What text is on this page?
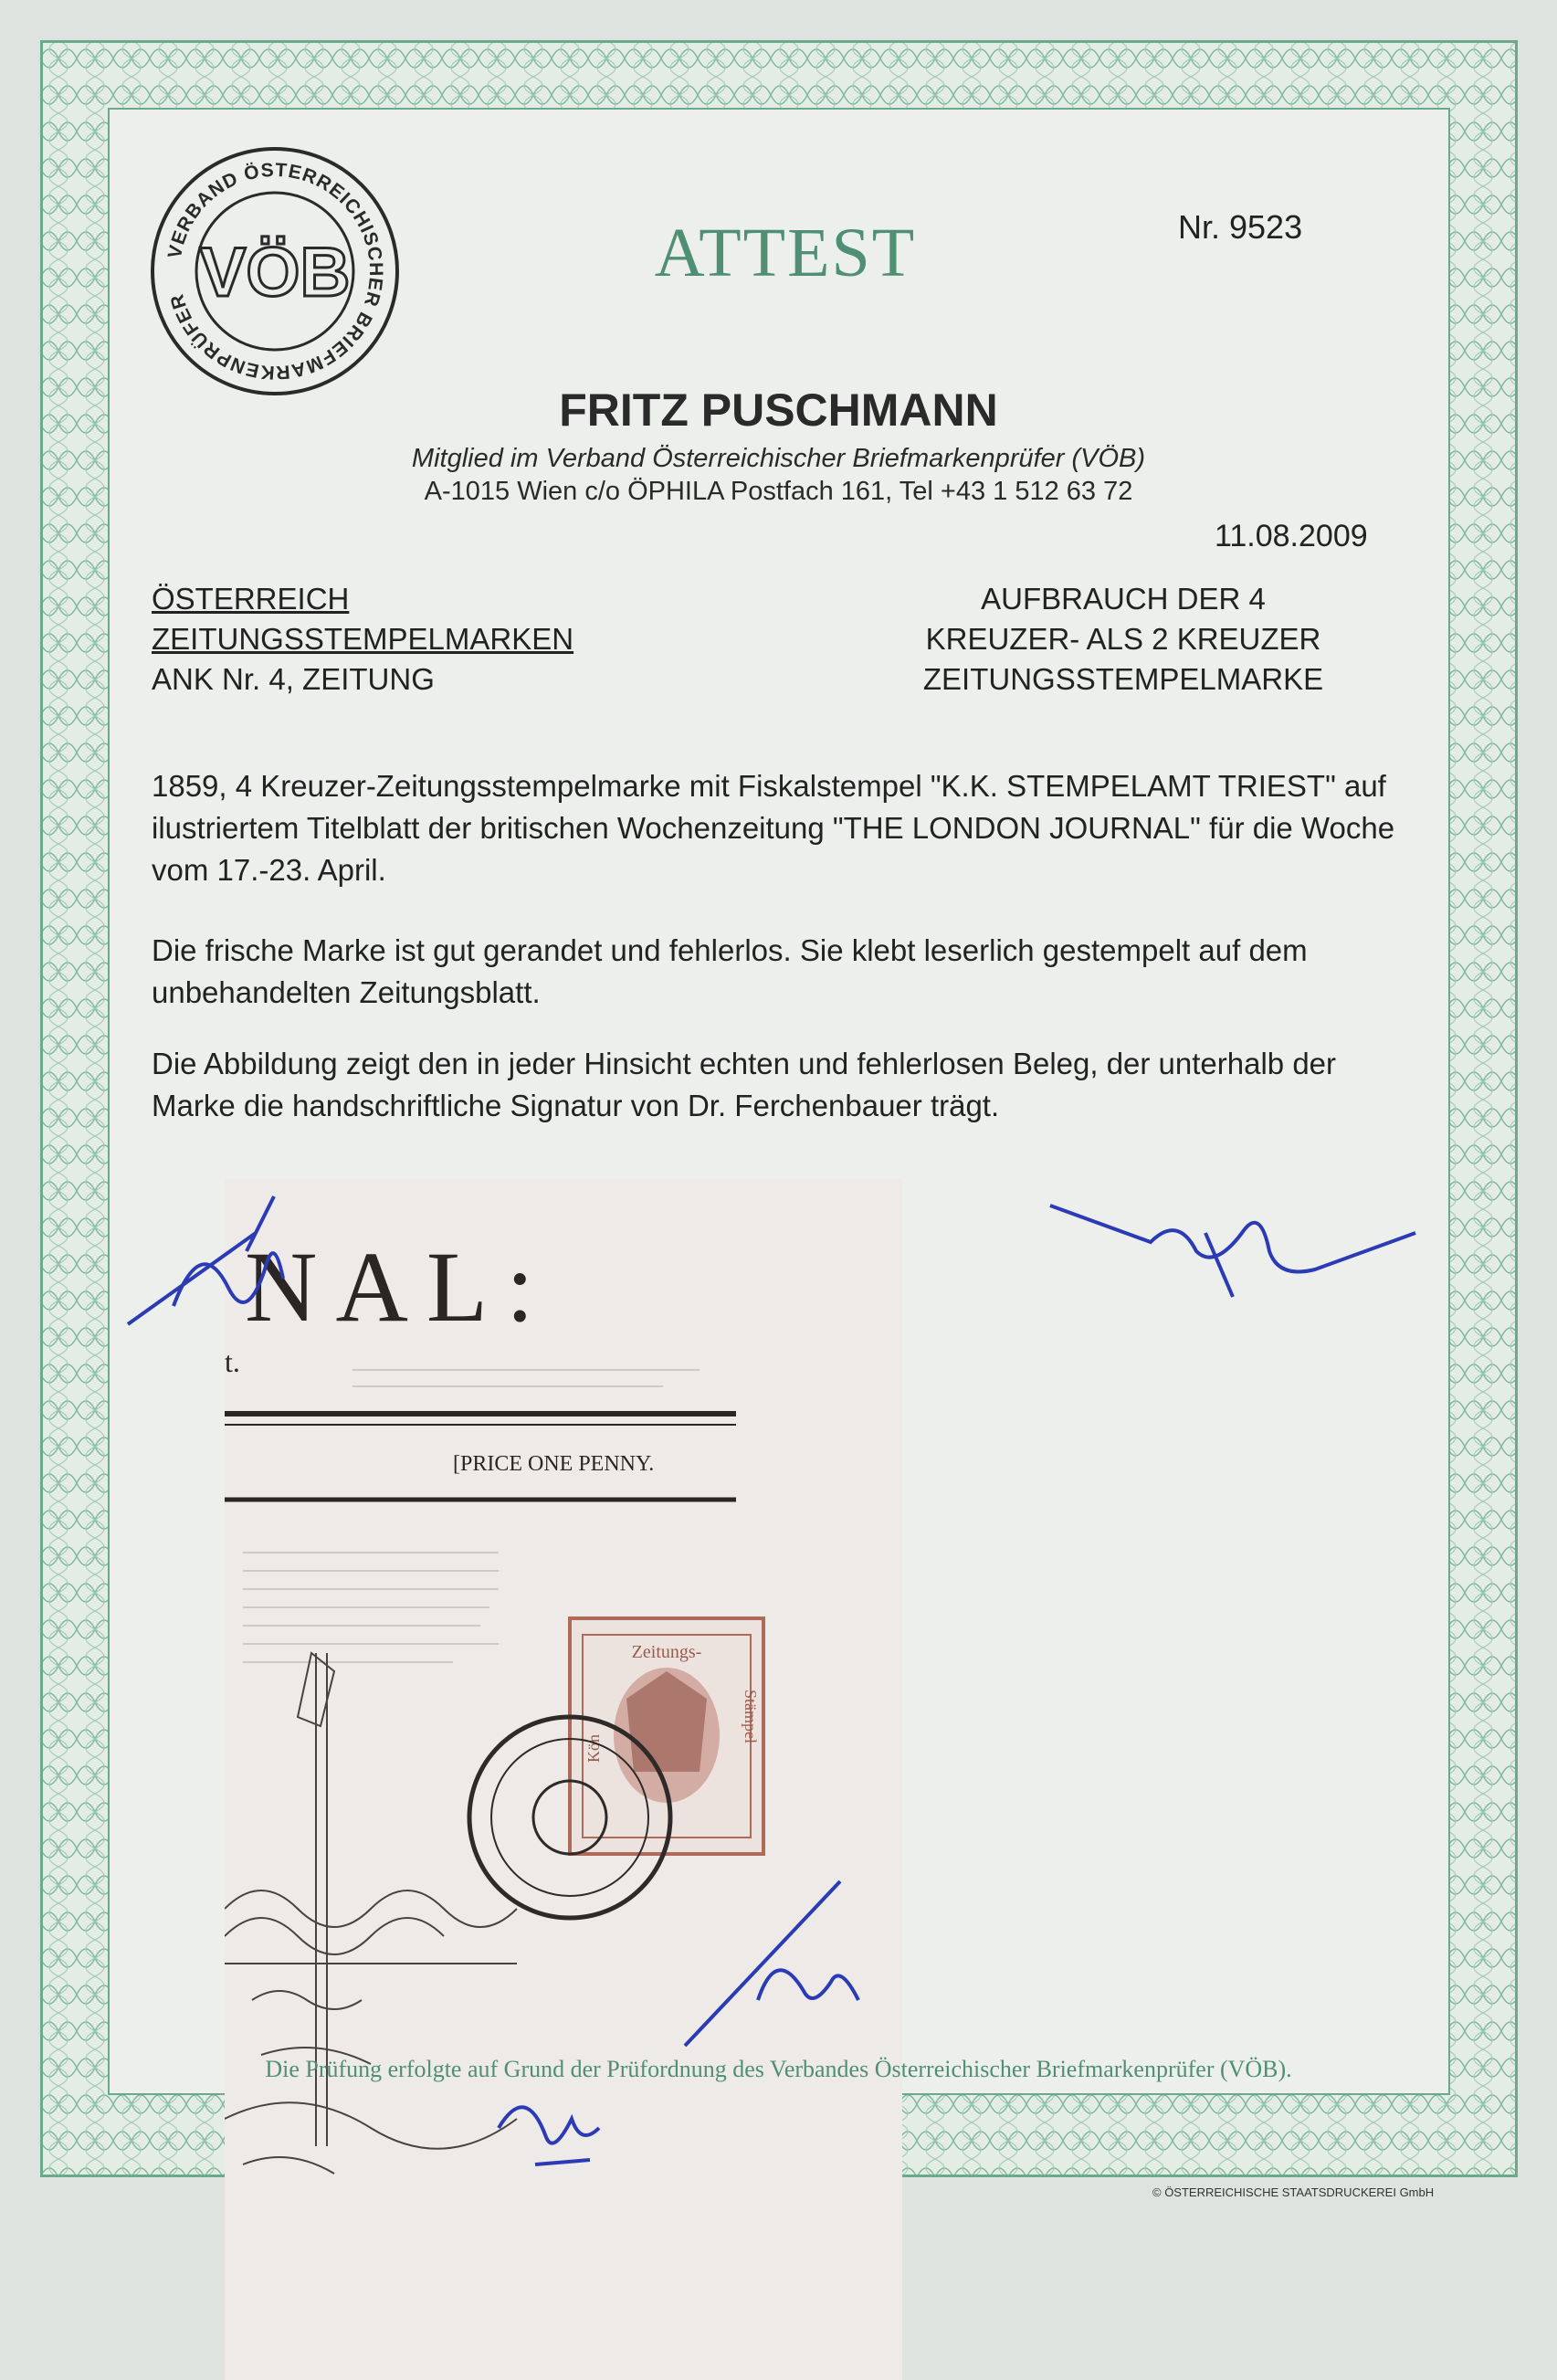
VERBAND ÖSTERREICHISCHER BRIEFMARKENPRÜFER VÖB	ATTEST	Nr. 9523
FRITZ PUSCHMANN
Mitglied im Verband Österreichischer Briefmarkenprüfer (VÖB)
A-1015 Wien c/o ÖPHILA Postfach 161, Tel +43 1 512 63 72
11.08.2009
ÖSTERREICH
ZEITUNGSSTEMPELMARKEN
ANK Nr. 4, ZEITUNG
AUFBRAUCH DER 4
KREUZER- ALS 2 KREUZER
ZEITUNGSSTEMPELMARKE
1859, 4 Kreuzer-Zeitungsstempelmarke mit Fiskalstempel "K.K. STEMPELAMT TRIEST" auf ilustriertem Titelblatt der britischen Wochenzeitung "THE LONDON JOURNAL" für die Woche vom 17.-23. April.
Die frische Marke ist gut gerandet und fehlerlos. Sie klebt leserlich gestempelt auf dem unbehandelten Zeitungsblatt.
Die Abbildung zeigt den in jeder Hinsicht echten und fehlerlosen Beleg, der unterhalb der Marke die handschriftliche Signatur von Dr. Ferchenbauer trägt.
NAL:
t.
[PRICE ONE PENNY.
Zeitungs-
Kön
Stämpel
Die Prüfung erfolgte auf Grund der Prüfordnung des Verbandes Österreichischer Briefmarkenprüfer (VÖB).
© ÖSTERREICHISCHE STAATSDRUCKEREI GmbH
